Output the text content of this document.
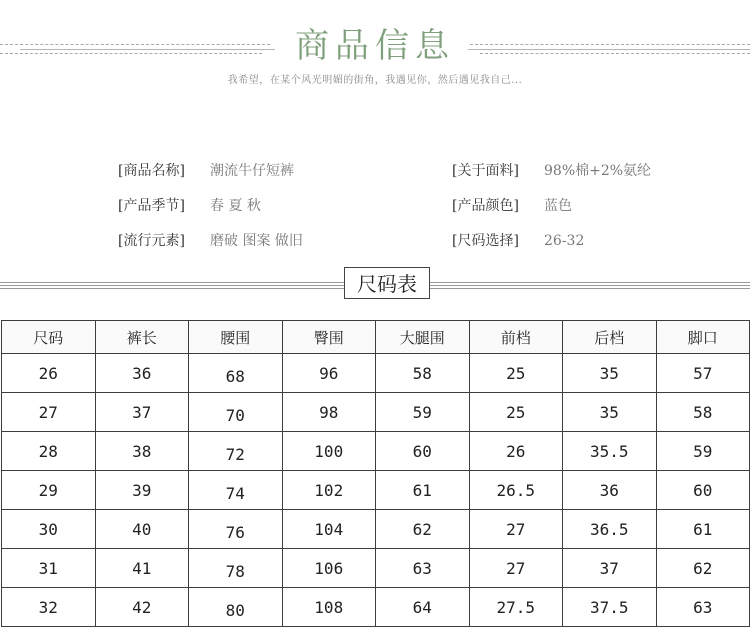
商品信息
我希望，在某个风光明媚的街角，我遇见你，然后遇见我自己...
[商品名称] 潮流牛仔短裤
[产品季节] 春 夏 秋
[流行元素] 磨破 图案 做旧
[关于面料] 98%棉+2%氨纶
[产品颜色] 蓝色
[尺码选择] 26-32
尺码表
尺码	裤长	腰围	臀围	大腿围	前档	后档	脚口
26	36	68	96	58	25	35	57
27	37	70	98	59	25	35	58
28	38	72	100	60	26	35.5	59
29	39	74	102	61	26.5	36	60
30	40	76	104	62	27	36.5	61
31	41	78	106	63	27	37	62
32	42	80	108	64	27.5	37.5	63
